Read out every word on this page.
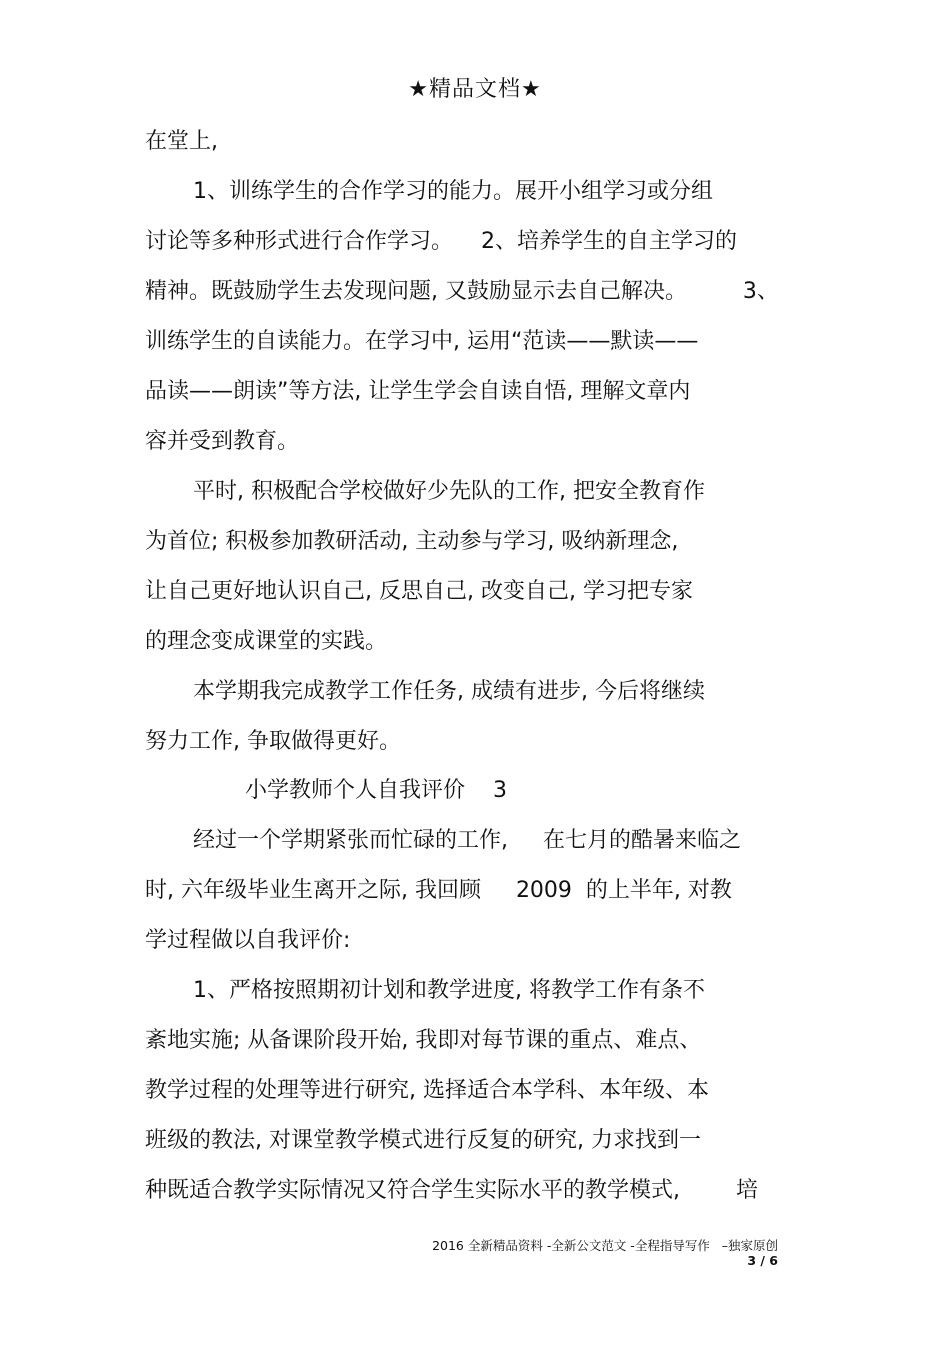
★精品文档★
在堂上,
1、训练学生的合作学习的能力。展开小组学习或分组
讨论等多种形式进行合作学习。    2、培养学生的自主学习的
精神。既鼓励学生去发现问题, 又鼓励显示去自己解决。        3、
训练学生的自读能力。在学习中, 运用“范读——默读——
品读——朗读”等方法, 让学生学会自读自悟, 理解文章内
容并受到教育。
平时, 积极配合学校做好少先队的工作, 把安全教育作
为首位; 积极参加教研活动, 主动参与学习, 吸纳新理念,
让自己更好地认识自己, 反思自己, 改变自己, 学习把专家
的理念变成课堂的实践。
本学期我完成教学工作任务, 成绩有进步, 今后将继续
努力工作, 争取做得更好。
小学教师个人自我评价    3
经过一个学期紧张而忙碌的工作,     在七月的酷暑来临之
时, 六年级毕业生离开之际, 我回顾     2009  的上半年, 对教
学过程做以自我评价:
1、严格按照期初计划和教学进度, 将教学工作有条不
紊地实施; 从备课阶段开始, 我即对每节课的重点、难点、
教学过程的处理等进行研究, 选择适合本学科、本年级、本
班级的教法, 对课堂教学模式进行反复的研究, 力求找到一
种既适合教学实际情况又符合学生实际水平的教学模式,        培
2016 全新精品资料 -全新公文范文 -全程指导写作   –独家原创
3 / 6
